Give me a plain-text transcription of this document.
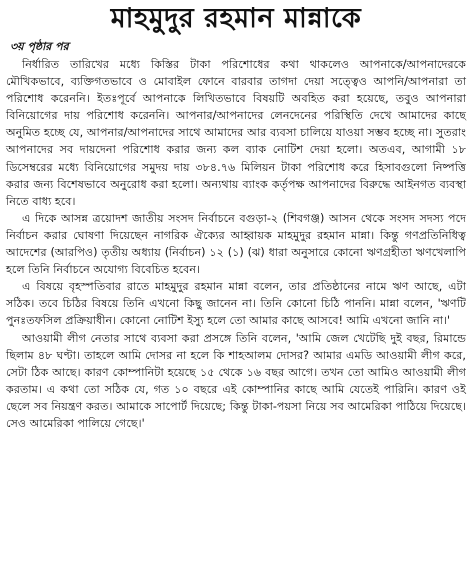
মাহমুদুর রহমান মান্নাকে
৩য় পৃষ্ঠার পর

নির্ধারিত তারিখের মধ্যে কিস্তির টাকা পরিশোধের কথা থাকলেও আপনাকে/আপনাদেরকে মৌখিকভাবে, ব্যক্তিগতভাবে ও মোবাইল ফোনে বারবার তাগদা দেয়া সত্ত্বেও আপনি/আপনারা তা পরিশোধ করেননি। ইতঃপূর্বে আপনাকে লিখিতভাবে বিষয়টি অবহিত করা হয়েছে, তবুও আপনারা বিনিয়োগের দায় পরিশোধ করেননি। আপনার/আপনাদের লেনদেনের পরিস্থিতি দেখে আমাদের কাছে অনুমিত হচ্ছে যে, আপনার/আপনাদের সাথে আমাদের আর ব্যবসা চালিয়ে যাওয়া সম্ভব হচ্ছে না। সুতরাং আপনাদের সব দায়দেনা পরিশোধ করার জন্য কল ব্যাক নোটিশ দেয়া হলো। অতএব, আগামী ১৮ ডিসেম্বরের মধ্যে বিনিয়োগের সমুদয় দায় ৩৮৪.৭৬ মিলিয়ন টাকা পরিশোধ করে হিসাবগুলো নিষ্পত্তি করার জন্য বিশেষভাবে অনুরোধ করা হলো। অন্যথায় ব্যাংক কর্তৃপক্ষ আপনাদের বিরুদ্ধে আইনগত ব্যবস্থা নিতে বাধ্য হবে।

এ দিকে আসন্ন ত্রয়োদশ জাতীয় সংসদ নির্বাচনে বগুড়া-২ (শিবগঞ্জ) আসন থেকে সংসদ সদস্য পদে নির্বাচন করার ঘোষণা দিয়েছেন নাগরিক ঐক্যের আহ্বায়ক মাহমুদুর রহমান মান্না। কিন্তু গণপ্রতিনিধিত্ব আদেশের (আরপিও) তৃতীয় অধ্যায় (নির্বাচন) ১২ (১) (ঝ) ধারা অনুসারে কোনো ঋণগ্রহীতা ঋণখেলাপি হলে তিনি নির্বাচনে অযোগ্য বিবেচিত হবেন।

এ বিষয়ে বৃহস্পতিবার রাতে মাহমুদুর রহমান মান্না বলেন, তার প্রতিষ্ঠানের নামে ঋণ আছে, এটা সঠিক। তবে চিঠির বিষয়ে তিনি এখনো কিছু জানেন না। তিনি কোনো চিঠি পাননি। মান্না বলেন, 'ঋণটি পুনঃতফসিল প্রক্রিয়াধীন। কোনো নোটিশ ইস্যু হলে তো আমার কাছে আসবে! আমি এখনো জানি না।'

আওয়ামী লীগ নেতার সাথে ব্যবসা করা প্রসঙ্গে তিনি বলেন, 'আমি জেল খেটেছি দুই বছর, রিমান্ডে ছিলাম ৪৮ ঘণ্টা। তাহলে আমি দোসর না হলে কি শাহআলম দোসর? আমার এমডি আওয়ামী লীগ করে, সেটা ঠিক আছে। কারণ কোম্পানিটা হয়েছে ১৫ থেকে ১৬ বছর আগে। তখন তো আমিও আওয়ামী লীগ করতাম। এ কথা তো সঠিক যে, গত ১০ বছরে এই কোম্পানির কাছে আমি যেতেই পারিনি। কারণ ওই ছেলে সব নিয়ন্ত্রণ করত। আমাকে সাপোর্ট দিয়েছে; কিন্তু টাকা-পয়সা নিয়ে সব আমেরিকা পাঠিয়ে দিয়েছে। সেও আমেরিকা পালিয়ে গেছে।'
